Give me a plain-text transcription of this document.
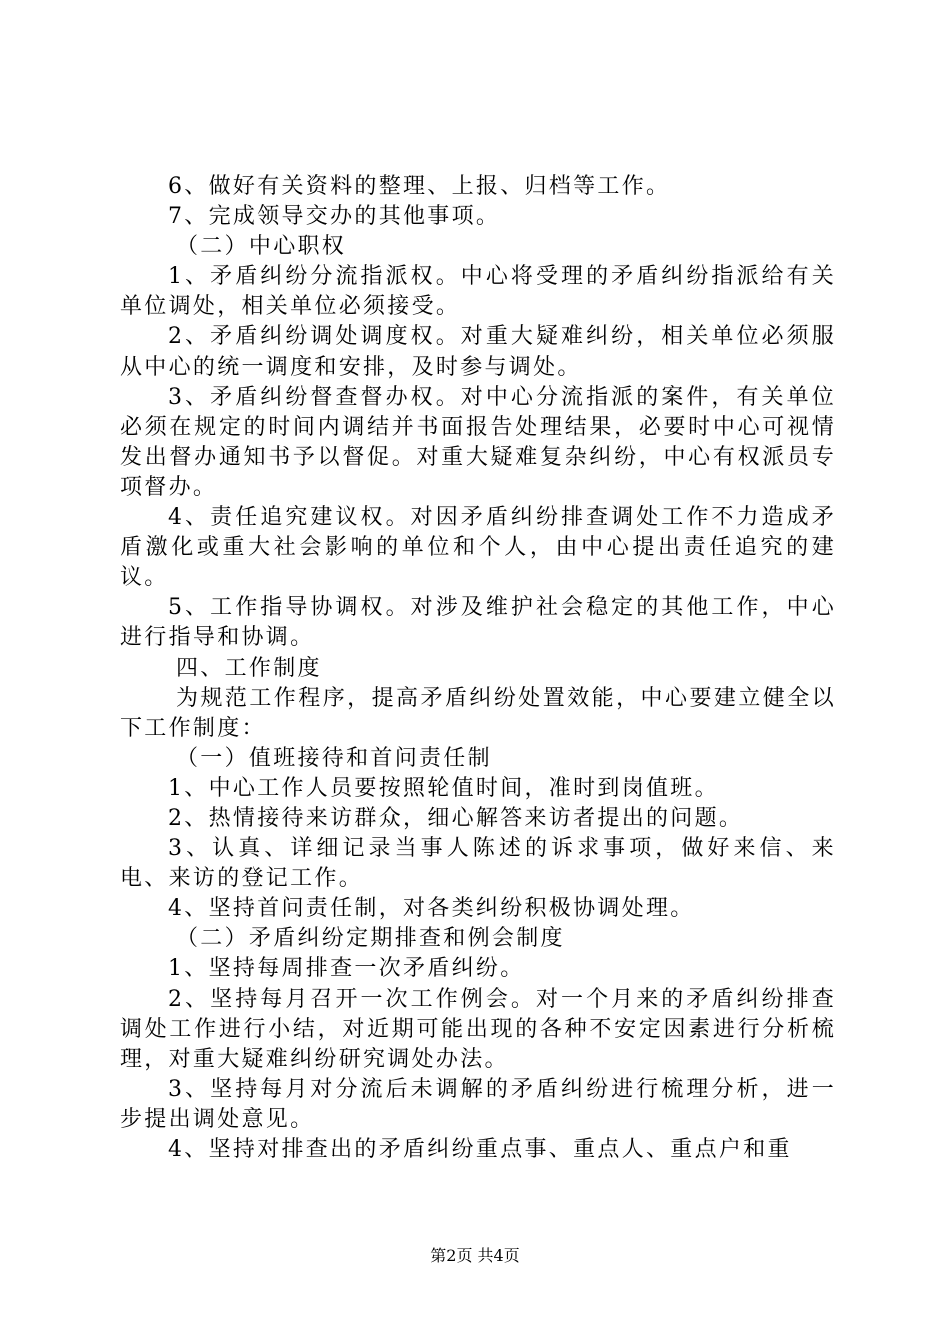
6、做好有关资料的整理、上报、归档等工作。

7、完成领导交办的其他事项。

（二）中心职权

1、矛盾纠纷分流指派权。中心将受理的矛盾纠纷指派给有关单位调处，相关单位必须接受。

2、矛盾纠纷调处调度权。对重大疑难纠纷，相关单位必须服从中心的统一调度和安排，及时参与调处。

3、矛盾纠纷督查督办权。对中心分流指派的案件，有关单位必须在规定的时间内调结并书面报告处理结果，必要时中心可视情发出督办通知书予以督促。对重大疑难复杂纠纷，中心有权派员专项督办。

4、责任追究建议权。对因矛盾纠纷排查调处工作不力造成矛盾激化或重大社会影响的单位和个人，由中心提出责任追究的建议。

5、工作指导协调权。对涉及维护社会稳定的其他工作，中心进行指导和协调。

四、工作制度

为规范工作程序，提高矛盾纠纷处置效能，中心要建立健全以下工作制度：

（一）值班接待和首问责任制

1、中心工作人员要按照轮值时间，准时到岗值班。

2、热情接待来访群众，细心解答来访者提出的问题。

3、认真、详细记录当事人陈述的诉求事项，做好来信、来电、来访的登记工作。

4、坚持首问责任制，对各类纠纷积极协调处理。

（二）矛盾纠纷定期排查和例会制度

1、坚持每周排查一次矛盾纠纷。

2、坚持每月召开一次工作例会。对一个月来的矛盾纠纷排查调处工作进行小结，对近期可能出现的各种不安定因素进行分析梳理，对重大疑难纠纷研究调处办法。

3、坚持每月对分流后未调解的矛盾纠纷进行梳理分析，进一步提出调处意见。

4、坚持对排查出的矛盾纠纷重点事、重点人、重点户和重

第2页 共4页
